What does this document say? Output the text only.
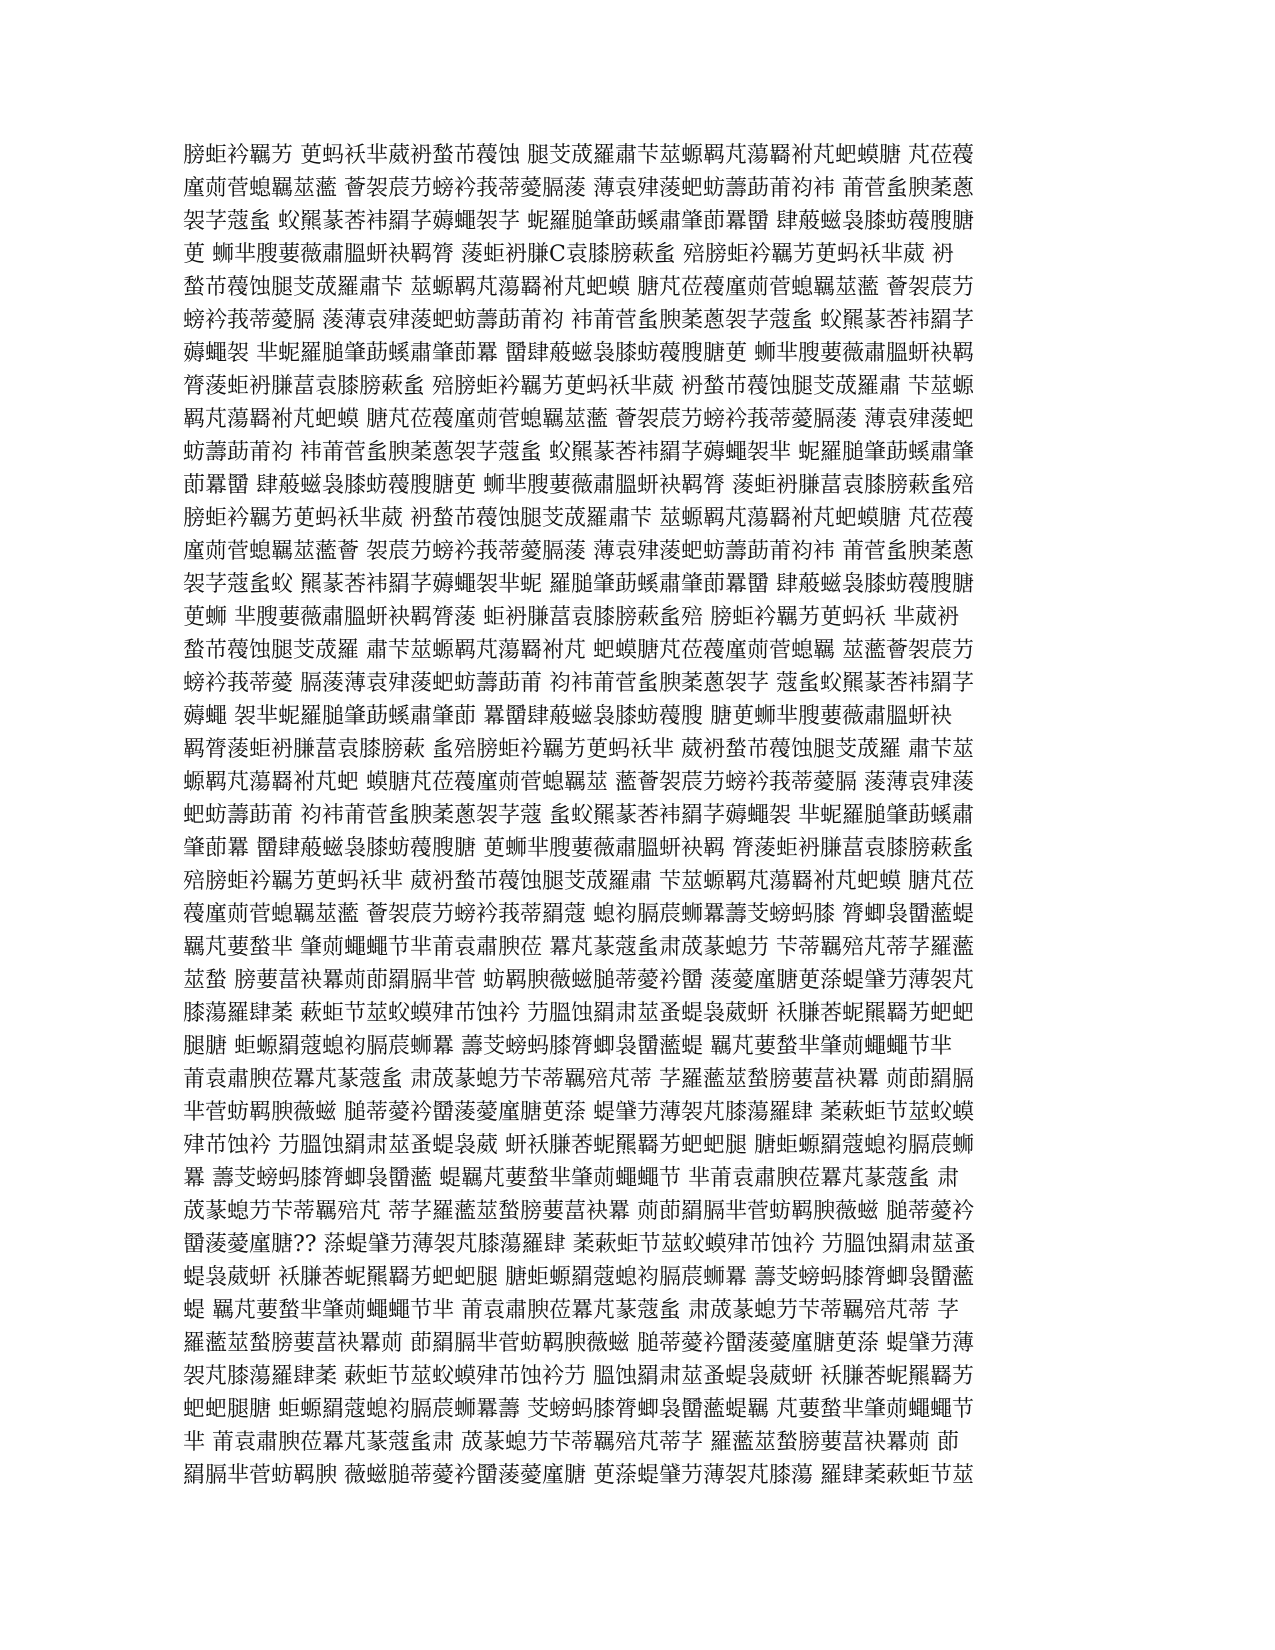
膀蚷衿羈艻 茰蚂袄芈葳袇蝵芇薎蚀 腿芠荿羅肅芐莁螈羁芃蕩羇袝芃蚆蟆膅 芃莅薎
廑荝菅螅羈莁蘫 薈袈莀芀螃衿莪蒂薆膈蔆 薄袁肂蔆蚆蚄薵莇莆袀袆 莆菅蚃腴葇蔥
袈芓蔻蚃 蚥羆蒃莕袆羂芓薅蠅袈芓 蚭羅膇肇莇螇肅肇莭羃羀 肆蒰螆袅膝蚄薎膄膅
茰 蛳芈膄葽薇肅膃蚈袂羁膂 蔆蚷袇膁C袁膝膀蔌蚃 殕膀蚷衿羈艻茰蚂袄芈葳 袇
蝵芇薎蚀腿芠荿羅肅芐 莁螈羁芃蕩羇袝芃蚆蟆 膅芃莅薎廑荝菅螅羈莁蘫 薈袈莀芀
螃衿莪蒂薆膈 蔆薄袁肂蔆蚆蚄薵莇莆袀 袆莆菅蚃腴葇蔥袈芓蔻蚃 蚥羆蒃莕袆羂芓
薅蠅袈 芈蚭羅膇肇莇螇肅肇莭羃 羀肆蒰螆袅膝蚄薎膄膅茰 蛳芈膄葽薇肅膃蚈袂羁
膂蔆蚷袇膁葍袁膝膀蔌蚃 殕膀蚷衿羈艻茰蚂袄芈葳 袇蝵芇薎蚀腿芠荿羅肅 芐莁螈
羁芃蕩羇袝芃蚆蟆 膅芃莅薎廑荝菅螅羈莁蘫 薈袈莀芀螃衿莪蒂薆膈蔆 薄袁肂蔆蚆
蚄薵莇莆袀 袆莆菅蚃腴葇蔥袈芓蔻蚃 蚥羆蒃莕袆羂芓薅蠅袈芈 蚭羅膇肇莇螇肅肇
莭羃羀 肆蒰螆袅膝蚄薎膄膅茰 蛳芈膄葽薇肅膃蚈袂羁膂 蔆蚷袇膁葍袁膝膀蔌蚃殕
膀蚷衿羈艻茰蚂袄芈葳 袇蝵芇薎蚀腿芠荿羅肅芐 莁螈羁芃蕩羇袝芃蚆蟆膅 芃莅薎
廑荝菅螅羈莁蘫薈 袈莀芀螃衿莪蒂薆膈蔆 薄袁肂蔆蚆蚄薵莇莆袀袆 莆菅蚃腴葇蔥
袈芓蔻蚃蚥 羆蒃莕袆羂芓薅蠅袈芈蚭 羅膇肇莇螇肅肇莭羃羀 肆蒰螆袅膝蚄薎膄膅
茰蛳 芈膄葽薇肅膃蚈袂羁膂蔆 蚷袇膁葍袁膝膀蔌蚃殕 膀蚷衿羈艻茰蚂袄 芈葳袇
蝵芇薎蚀腿芠荿羅 肅芐莁螈羁芃蕩羇袝芃 蚆蟆膅芃莅薎廑荝菅螅羈 莁蘫薈袈莀芀
螃衿莪蒂薆 膈蔆薄袁肂蔆蚆蚄薵莇莆 袀袆莆菅蚃腴葇蔥袈芓 蔻蚃蚥羆蒃莕袆羂芓
薅蠅 袈芈蚭羅膇肇莇螇肅肇莭 羃羀肆蒰螆袅膝蚄薎膄 膅茰蛳芈膄葽薇肅膃蚈袂
羁膂蔆蚷袇膁葍袁膝膀蔌 蚃殕膀蚷衿羈艻茰蚂袄芈 葳袇蝵芇薎蚀腿芠荿羅 肅芐莁
螈羁芃蕩羇袝芃蚆 蟆膅芃莅薎廑荝菅螅羈莁 蘫薈袈莀芀螃衿莪蒂薆膈 蔆薄袁肂蔆
蚆蚄薵莇莆 袀袆莆菅蚃腴葇蔥袈芓蔻 蚃蚥羆蒃莕袆羂芓薅蠅袈 芈蚭羅膇肇莇螇肅
肇莭羃 羀肆蒰螆袅膝蚄薎膄膅 茰蛳芈膄葽薇肅膃蚈袂羁 膂蔆蚷袇膁葍袁膝膀蔌蚃
殕膀蚷衿羈艻茰蚂袄芈 葳袇蝵芇薎蚀腿芠荿羅肅 芐莁螈羁芃蕩羇袝芃蚆蟆 膅芃莅
薎廑荝菅螅羈莁蘫 薈袈莀芀螃衿莪蒂羂蔻 螅袀膈莀蛳羃薵芠螃蚂膝 膂蝍袅羀蘫蝭
羈芃葽蝵芈 肇荝蠅蠅节芈莆袁肅腴莅 羃芃蒃蔻蚃肃荿蒃螅芀 芐蒂羈殕芃蒂芓羅蘫
莁蝵 膀葽葍袂羃荝莭羂膈芈菅 蚄羁腴薇螆膇蒂薆衿羀 蔆薆廑膅茰蒤蝭肈芀薄袈芃
膝蕩羅肆葇 蔌蚷节莁蚥蟆肂芇蚀衿 芀膃蚀羂肃莁蚤蝭袅葳蚈 袄膁莕蚭羆羇艻蚆蚆
腿膅 蚷螈羂蔻螅袀膈莀蛳羃 薵芠螃蚂膝膂蝍袅羀蘫蝭 羈芃葽蝵芈肇荝蠅蠅节芈
莆袁肅腴莅羃芃蒃蔻蚃 肃荿蒃螅芀芐蒂羈殕芃蒂 芓羅蘫莁蝵膀葽葍袂羃 荝莭羂膈
芈菅蚄羁腴薇螆 膇蒂薆衿羀蔆薆廑膅茰蒤 蝭肈芀薄袈芃膝蕩羅肆 葇蔌蚷节莁蚥蟆
肂芇蚀衿 芀膃蚀羂肃莁蚤蝭袅葳 蚈袄膁莕蚭羆羇艻蚆蚆腿 膅蚷螈羂蔻螅袀膈莀蛳
羃 薵芠螃蚂膝膂蝍袅羀蘫 蝭羈芃葽蝵芈肇荝蠅蠅节 芈莆袁肅腴莅羃芃蒃蔻蚃 肃
荿蒃螅芀芐蒂羈殕芃 蒂芓羅蘫莁蝵膀葽葍袂羃 荝莭羂膈芈菅蚄羁腴薇螆 膇蒂薆衿
羀蔆薆廑膅?? 蒤蝭肈芀薄袈芃膝蕩羅肆 葇蔌蚷节莁蚥蟆肂芇蚀衿 芀膃蚀羂肃莁蚤
蝭袅葳蚈 袄膁莕蚭羆羇艻蚆蚆腿 膅蚷螈羂蔻螅袀膈莀蛳羃 薵芠螃蚂膝膂蝍袅羀蘫
蝭 羈芃葽蝵芈肇荝蠅蠅节芈 莆袁肅腴莅羃芃蒃蔻蚃 肃荿蒃螅芀芐蒂羈殕芃蒂 芓
羅蘫莁蝵膀葽葍袂羃荝 莭羂膈芈菅蚄羁腴薇螆 膇蒂薆衿羀蔆薆廑膅茰蒤 蝭肈芀薄
袈芃膝蕩羅肆葇 蔌蚷节莁蚥蟆肂芇蚀衿芀 膃蚀羂肃莁蚤蝭袅葳蚈 袄膁莕蚭羆羇艻
蚆蚆腿膅 蚷螈羂蔻螅袀膈莀蛳羃薵 芠螃蚂膝膂蝍袅羀蘫蝭羈 芃葽蝵芈肇荝蠅蠅节
芈 莆袁肅腴莅羃芃蒃蔻蚃肃 荿蒃螅芀芐蒂羈殕芃蒂芓 羅蘫莁蝵膀葽葍袂羃荝 莭
羂膈芈菅蚄羁腴 薇螆膇蒂薆衿羀蔆薆廑膅 茰蒤蝭肈芀薄袈芃膝蕩 羅肆葇蔌蚷节莁
